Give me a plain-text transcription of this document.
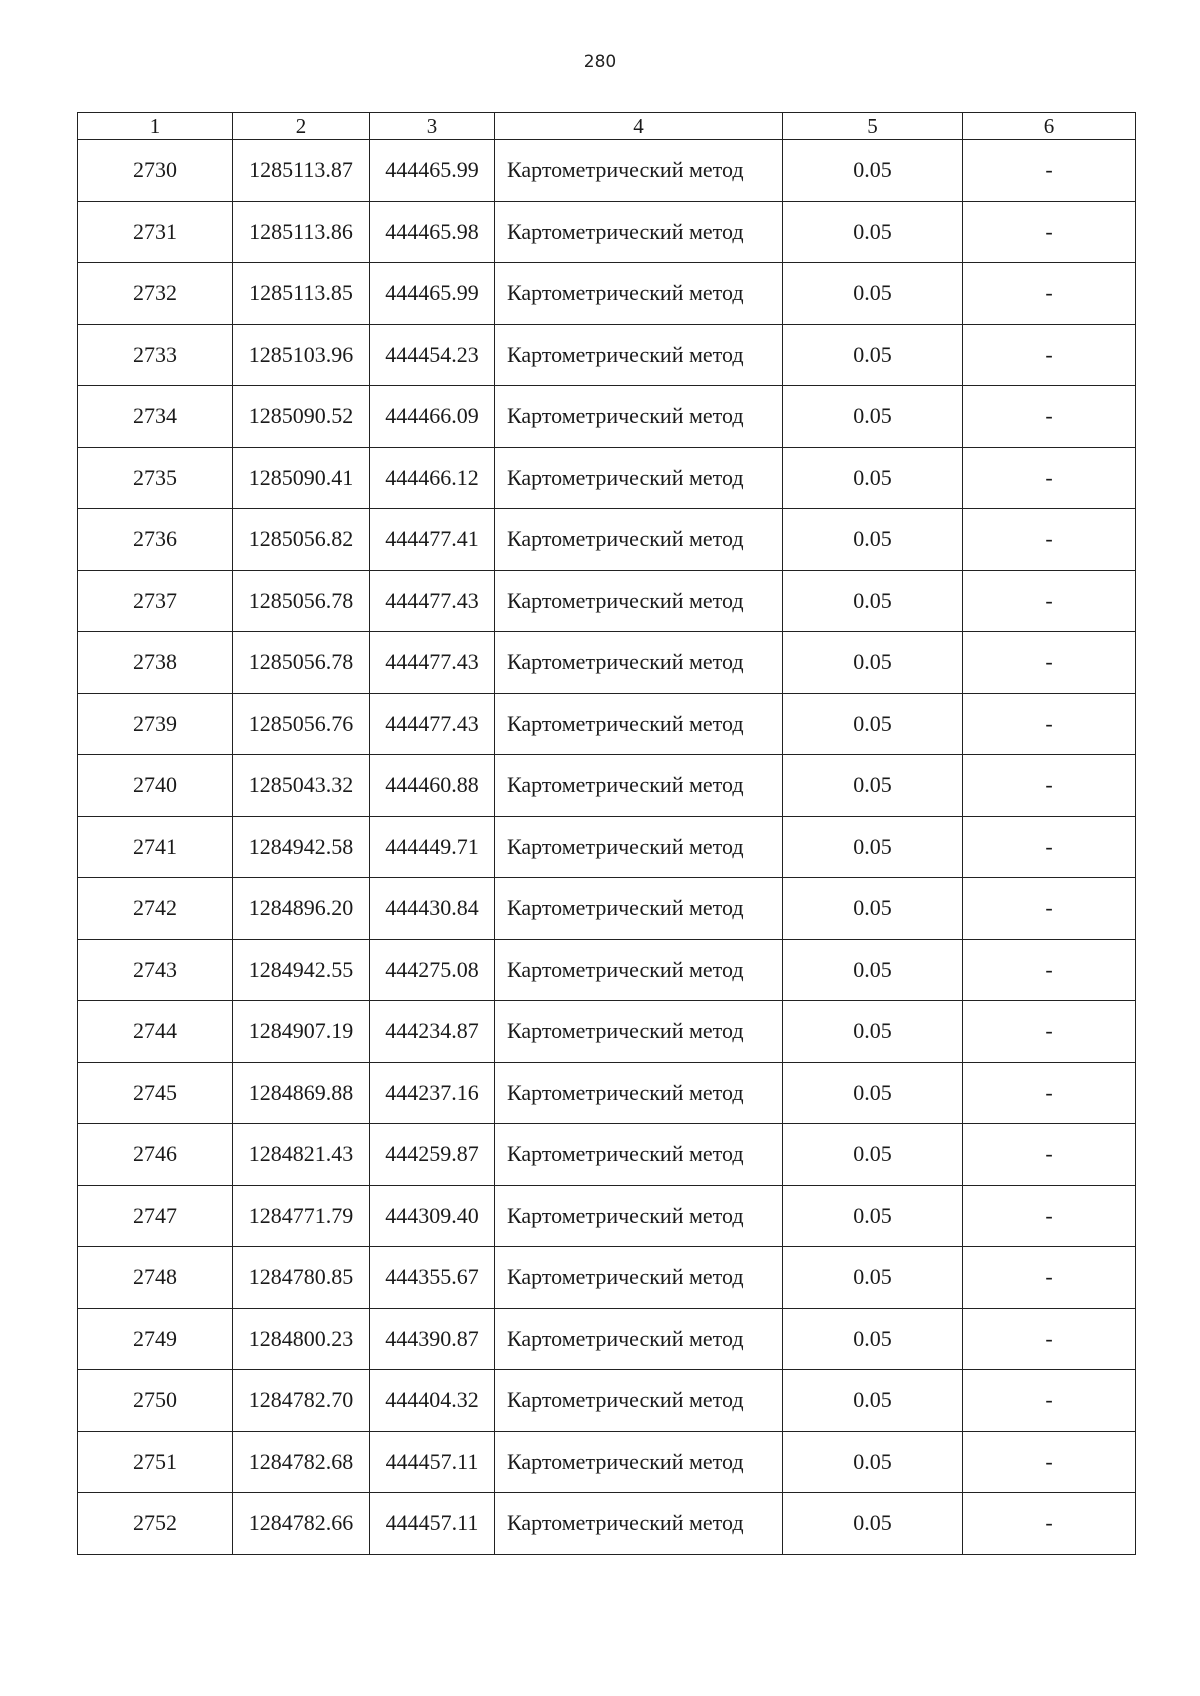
280
1	2	3	4	5	6
2730	1285113.87	444465.99	Картометрический метод	0.05	-
2731	1285113.86	444465.98	Картометрический метод	0.05	-
2732	1285113.85	444465.99	Картометрический метод	0.05	-
2733	1285103.96	444454.23	Картометрический метод	0.05	-
2734	1285090.52	444466.09	Картометрический метод	0.05	-
2735	1285090.41	444466.12	Картометрический метод	0.05	-
2736	1285056.82	444477.41	Картометрический метод	0.05	-
2737	1285056.78	444477.43	Картометрический метод	0.05	-
2738	1285056.78	444477.43	Картометрический метод	0.05	-
2739	1285056.76	444477.43	Картометрический метод	0.05	-
2740	1285043.32	444460.88	Картометрический метод	0.05	-
2741	1284942.58	444449.71	Картометрический метод	0.05	-
2742	1284896.20	444430.84	Картометрический метод	0.05	-
2743	1284942.55	444275.08	Картометрический метод	0.05	-
2744	1284907.19	444234.87	Картометрический метод	0.05	-
2745	1284869.88	444237.16	Картометрический метод	0.05	-
2746	1284821.43	444259.87	Картометрический метод	0.05	-
2747	1284771.79	444309.40	Картометрический метод	0.05	-
2748	1284780.85	444355.67	Картометрический метод	0.05	-
2749	1284800.23	444390.87	Картометрический метод	0.05	-
2750	1284782.70	444404.32	Картометрический метод	0.05	-
2751	1284782.68	444457.11	Картометрический метод	0.05	-
2752	1284782.66	444457.11	Картометрический метод	0.05	-
